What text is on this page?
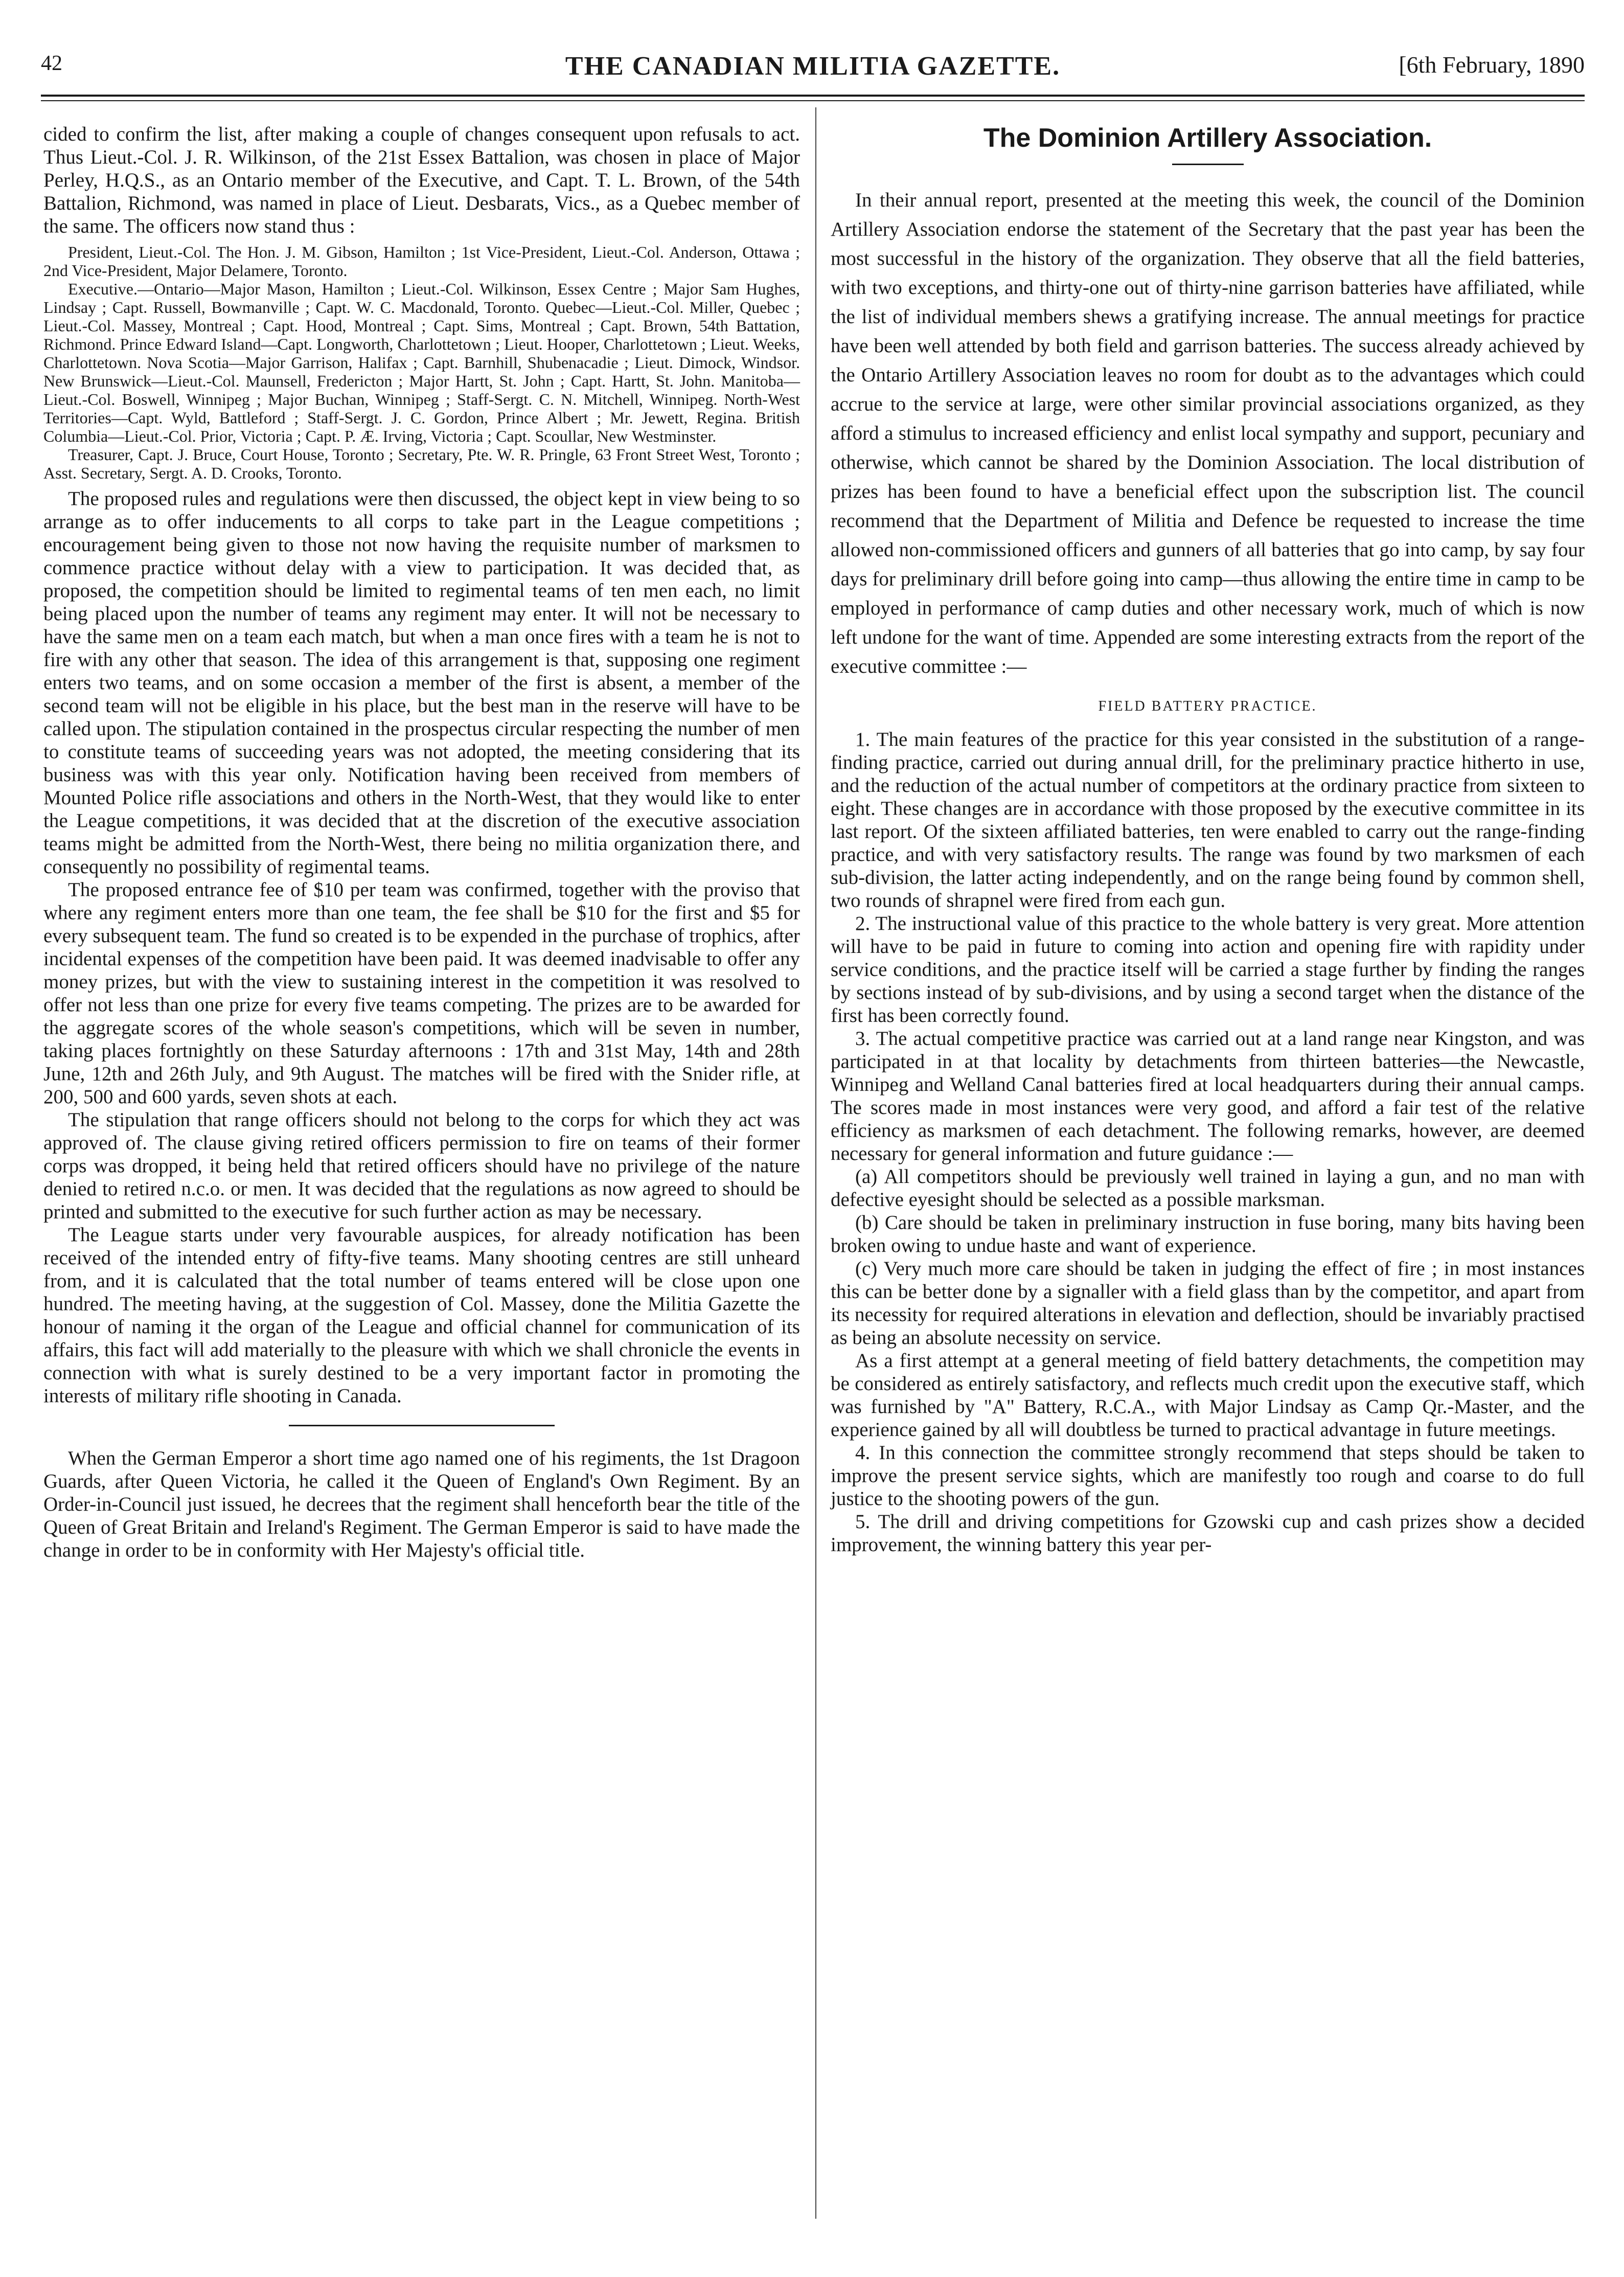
THE CANADIAN MILITIA GAZETTE.
42	[6th February, 1890

cided to confirm the list, after making a couple of changes consequent upon refusals to act. Thus Lieut.-Col. J. R. Wilkinson, of the 21st Essex Battalion, was chosen in place of Major Perley, H.Q.S., as an Ontario member of the Executive, and Capt. T. L. Brown, of the 54th Battalion, Richmond, was named in place of Lieut. Desbarats, Vics., as a Quebec member of the same. The officers now stand thus :

President, Lieut.-Col. The Hon. J. M. Gibson, Hamilton ; 1st Vice-President, Lieut.-Col. Anderson, Ottawa ; 2nd Vice-President, Major Delamere, Toronto.

Executive.—Ontario—Major Mason, Hamilton ; Lieut.-Col. Wilkinson, Essex Centre ; Major Sam Hughes, Lindsay ; Capt. Russell, Bowmanville ; Capt. W. C. Macdonald, Toronto. Quebec—Lieut.-Col. Miller, Quebec ; Lieut.-Col. Massey, Montreal ; Capt. Hood, Montreal ; Capt. Sims, Montreal ; Capt. Brown, 54th Battation, Richmond. Prince Edward Island—Capt. Longworth, Charlottetown ; Lieut. Hooper, Charlottetown ; Lieut. Weeks, Charlottetown. Nova Scotia—Major Garrison, Halifax ; Capt. Barnhill, Shubenacadie ; Lieut. Dimock, Windsor. New Brunswick—Lieut.-Col. Maunsell, Fredericton ; Major Hartt, St. John ; Capt. Hartt, St. John. Manitoba—Lieut.-Col. Boswell, Winnipeg ; Major Buchan, Winnipeg ; Staff-Sergt. C. N. Mitchell, Winnipeg. North-West Territories—Capt. Wyld, Battleford ; Staff-Sergt. J. C. Gordon, Prince Albert ; Mr. Jewett, Regina. British Columbia—Lieut.-Col. Prior, Victoria ; Capt. P. Æ. Irving, Victoria ; Capt. Scoullar, New Westminster.

Treasurer, Capt. J. Bruce, Court House, Toronto ; Secretary, Pte. W. R. Pringle, 63 Front Street West, Toronto ; Asst. Secretary, Sergt. A. D. Crooks, Toronto.

The proposed rules and regulations were then discussed, the object kept in view being to so arrange as to offer inducements to all corps to take part in the League competitions ; encouragement being given to those not now having the requisite number of marksmen to commence practice without delay with a view to participation. It was decided that, as proposed, the competition should be limited to regimental teams of ten men each, no limit being placed upon the number of teams any regiment may enter. It will not be necessary to have the same men on a team each match, but when a man once fires with a team he is not to fire with any other that season. The idea of this arrangement is that, supposing one regiment enters two teams, and on some occasion a member of the first is absent, a member of the second team will not be eligible in his place, but the best man in the reserve will have to be called upon. The stipulation contained in the prospectus circular respecting the number of men to constitute teams of succeeding years was not adopted, the meeting considering that its business was with this year only. Notification having been received from members of Mounted Police rifle associations and others in the North-West, that they would like to enter the League competitions, it was decided that at the discretion of the executive association teams might be admitted from the North-West, there being no militia organization there, and consequently no possibility of regimental teams.

The proposed entrance fee of $10 per team was confirmed, together with the proviso that where any regiment enters more than one team, the fee shall be $10 for the first and $5 for every subsequent team. The fund so created is to be expended in the purchase of trophics, after incidental expenses of the competition have been paid. It was deemed inadvisable to offer any money prizes, but with the view to sustaining interest in the competition it was resolved to offer not less than one prize for every five teams competing. The prizes are to be awarded for the aggregate scores of the whole season's competitions, which will be seven in number, taking places fortnightly on these Saturday afternoons : 17th and 31st May, 14th and 28th June, 12th and 26th July, and 9th August. The matches will be fired with the Snider rifle, at 200, 500 and 600 yards, seven shots at each.

The stipulation that range officers should not belong to the corps for which they act was approved of. The clause giving retired officers permission to fire on teams of their former corps was dropped, it being held that retired officers should have no privilege of the nature denied to retired n.c.o. or men. It was decided that the regulations as now agreed to should be printed and submitted to the executive for such further action as may be necessary.

The League starts under very favourable auspices, for already notification has been received of the intended entry of fifty-five teams. Many shooting centres are still unheard from, and it is calculated that the total number of teams entered will be close upon one hundred. The meeting having, at the suggestion of Col. Massey, done the Militia Gazette the honour of naming it the organ of the League and official channel for communication of its affairs, this fact will add materially to the pleasure with which we shall chronicle the events in connection with what is surely destined to be a very important factor in promoting the interests of military rifle shooting in Canada.

When the German Emperor a short time ago named one of his regiments, the 1st Dragoon Guards, after Queen Victoria, he called it the Queen of England's Own Regiment. By an Order-in-Council just issued, he decrees that the regiment shall henceforth bear the title of the Queen of Great Britain and Ireland's Regiment. The German Emperor is said to have made the change in order to be in conformity with Her Majesty's official title.

The Dominion Artillery Association.

In their annual report, presented at the meeting this week, the council of the Dominion Artillery Association endorse the statement of the Secretary that the past year has been the most successful in the history of the organization. They observe that all the field batteries, with two exceptions, and thirty-one out of thirty-nine garrison batteries have affiliated, while the list of individual members shews a gratifying increase. The annual meetings for practice have been well attended by both field and garrison batteries. The success already achieved by the Ontario Artillery Association leaves no room for doubt as to the advantages which could accrue to the service at large, were other similar provincial associations organized, as they afford a stimulus to increased efficiency and enlist local sympathy and support, pecuniary and otherwise, which cannot be shared by the Dominion Association. The local distribution of prizes has been found to have a beneficial effect upon the subscription list. The council recommend that the Department of Militia and Defence be requested to increase the time allowed non-commissioned officers and gunners of all batteries that go into camp, by say four days for preliminary drill before going into camp—thus allowing the entire time in camp to be employed in performance of camp duties and other necessary work, much of which is now left undone for the want of time. Appended are some interesting extracts from the report of the executive committee :—

FIELD BATTERY PRACTICE.

1. The main features of the practice for this year consisted in the substitution of a range-finding practice, carried out during annual drill, for the preliminary practice hitherto in use, and the reduction of the actual number of competitors at the ordinary practice from sixteen to eight. These changes are in accordance with those proposed by the executive committee in its last report. Of the sixteen affiliated batteries, ten were enabled to carry out the range-finding practice, and with very satisfactory results. The range was found by two marksmen of each sub-division, the latter acting independently, and on the range being found by common shell, two rounds of shrapnel were fired from each gun.

2. The instructional value of this practice to the whole battery is very great. More attention will have to be paid in future to coming into action and opening fire with rapidity under service conditions, and the practice itself will be carried a stage further by finding the ranges by sections instead of by sub-divisions, and by using a second target when the distance of the first has been correctly found.

3. The actual competitive practice was carried out at a land range near Kingston, and was participated in at that locality by detachments from thirteen batteries—the Newcastle, Winnipeg and Welland Canal batteries fired at local headquarters during their annual camps. The scores made in most instances were very good, and afford a fair test of the relative efficiency as marksmen of each detachment. The following remarks, however, are deemed necessary for general information and future guidance :—

(a) All competitors should be previously well trained in laying a gun, and no man with defective eyesight should be selected as a possible marksman.

(b) Care should be taken in preliminary instruction in fuse boring, many bits having been broken owing to undue haste and want of experience.

(c) Very much more care should be taken in judging the effect of fire ; in most instances this can be better done by a signaller with a field glass than by the competitor, and apart from its necessity for required alterations in elevation and deflection, should be invariably practised as being an absolute necessity on service.

As a first attempt at a general meeting of field battery detachments, the competition may be considered as entirely satisfactory, and reflects much credit upon the executive staff, which was furnished by "A" Battery, R.C.A., with Major Lindsay as Camp Qr.-Master, and the experience gained by all will doubtless be turned to practical advantage in future meetings.

4. In this connection the committee strongly recommend that steps should be taken to improve the present service sights, which are manifestly too rough and coarse to do full justice to the shooting powers of the gun.

5. The drill and driving competitions for Gzowski cup and cash prizes show a decided improvement, the winning battery this year per-
